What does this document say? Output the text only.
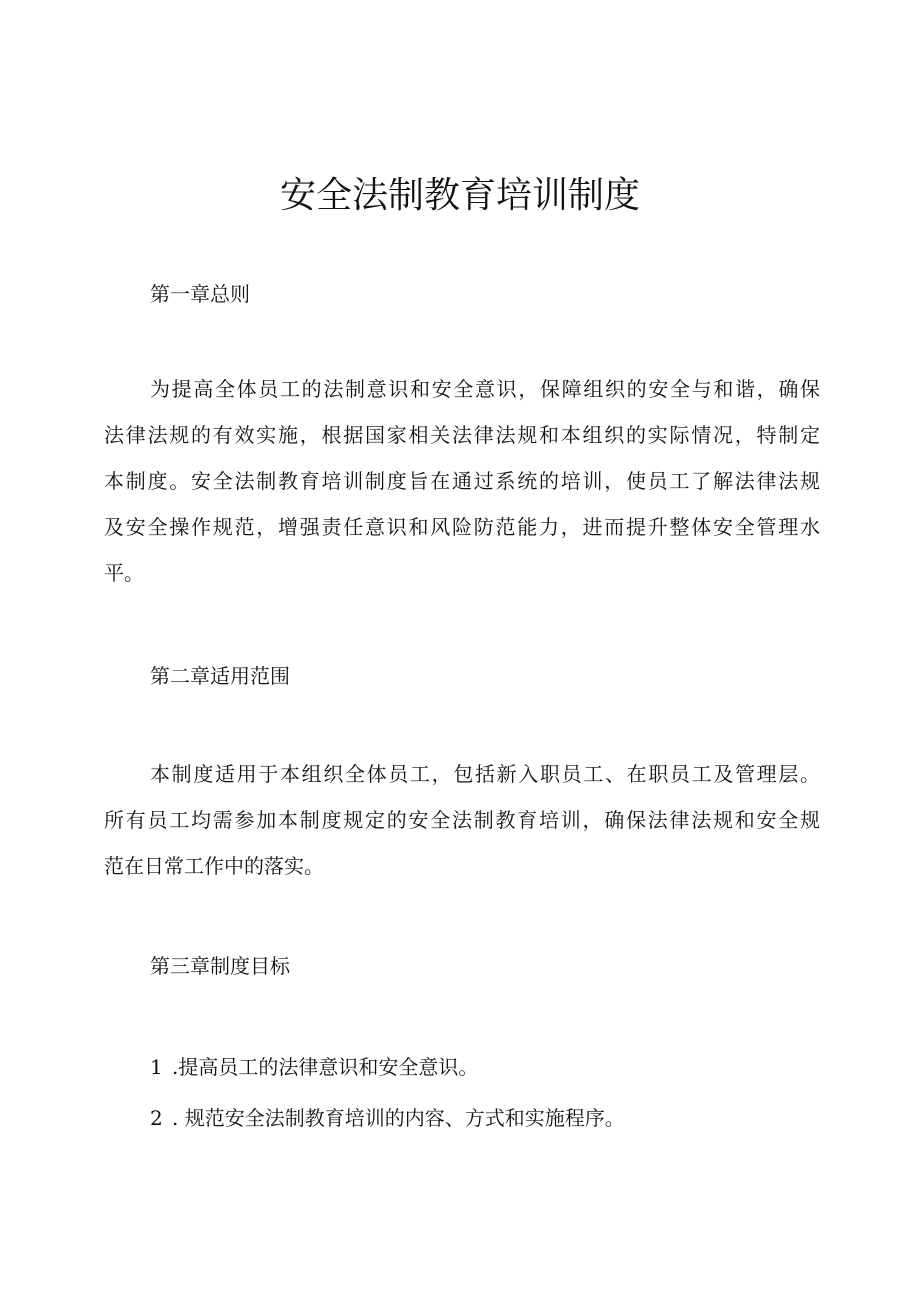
安全法制教育培训制度
第一章总则

为提高全体员工的法制意识和安全意识，保障组织的安全与和谐，确保
法律法规的有效实施，根据国家相关法律法规和本组织的实际情况，特制定
本制度。安全法制教育培训制度旨在通过系统的培训，使员工了解法律法规
及安全操作规范，增强责任意识和风险防范能力，进而提升整体安全管理水
平。

第二章适用范围

本制度适用于本组织全体员工，包括新入职员工、在职员工及管理层。
所有员工均需参加本制度规定的安全法制教育培训，确保法律法规和安全规
范在日常工作中的落实。

第三章制度目标
1 .提高员工的法律意识和安全意识。
2 . 规范安全法制教育培训的内容、方式和实施程序。
